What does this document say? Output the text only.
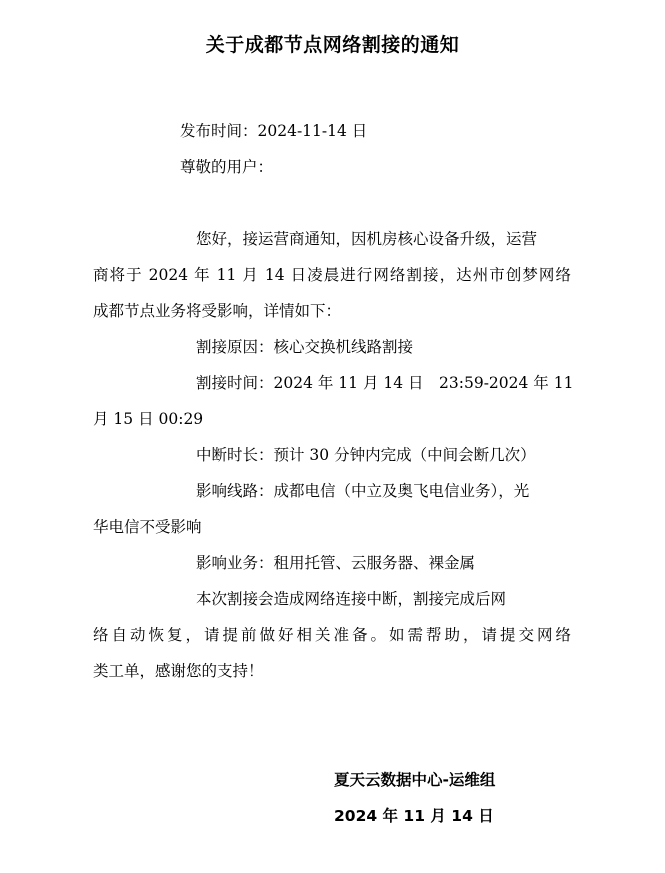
关于成都节点网络割接的通知
发布时间：2024-11-14 日
尊敬的用户：
您好，接运营商通知，因机房核心设备升级，运营
商将于 2024 年 11 月 14 日凌晨进行网络割接，达州市创梦网络
成都节点业务将受影响，详情如下：
割接原因：核心交换机线路割接
割接时间：2024 年 11 月 14 日　23:59-2024 年 11
月 15 日 00:29
中断时长：预计 30 分钟内完成（中间会断几次）
影响线路：成都电信（中立及奥飞电信业务），光
华电信不受影响
影响业务：租用托管、云服务器、裸金属
本次割接会造成网络连接中断，割接完成后网
络自动恢复，请提前做好相关准备。如需帮助，请提交网络
类工单，感谢您的支持！
夏天云数据中心-运维组
2024 年 11 月 14 日
